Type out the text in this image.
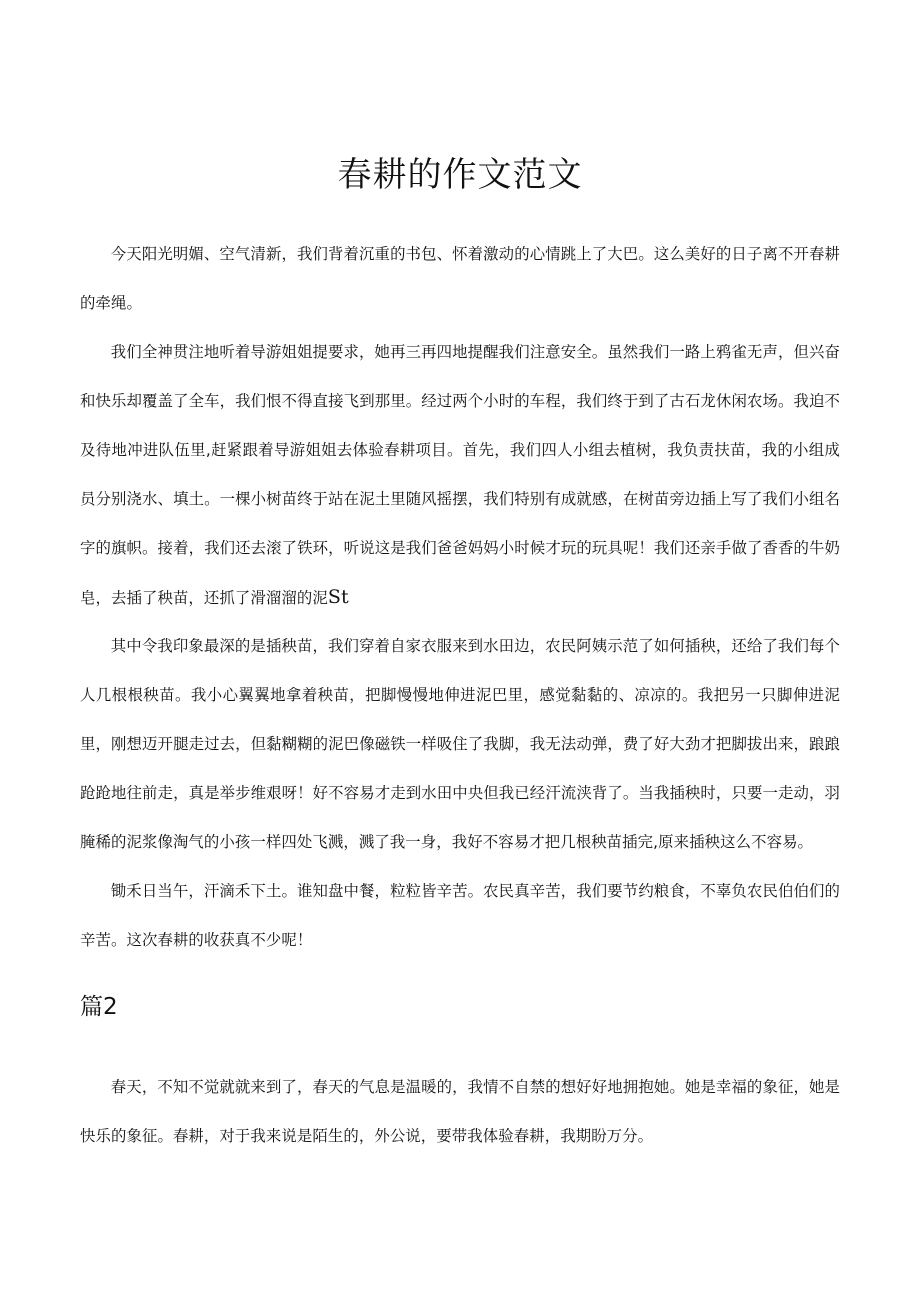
春耕的作文范文

今天阳光明媚、空气清新，我们背着沉重的书包、怀着激动的心情跳上了大巴。这么美好的日子离不开春耕的牵绳。

我们全神贯注地听着导游姐姐提要求，她再三再四地提醒我们注意安全。虽然我们一路上鸦雀无声，但兴奋和快乐却覆盖了全车，我们恨不得直接飞到那里。经过两个小时的车程，我们终于到了古石龙休闲农场。我迫不及待地冲进队伍里,赶紧跟着导游姐姐去体验春耕项目。首先，我们四人小组去植树，我负责扶苗，我的小组成员分别浇水、填土。一棵小树苗终于站在泥土里随风摇摆，我们特别有成就感，在树苗旁边插上写了我们小组名字的旗帜。接着，我们还去滚了铁环，听说这是我们爸爸妈妈小时候才玩的玩具呢！我们还亲手做了香香的牛奶皂，去插了秧苗，还抓了滑溜溜的泥St

其中令我印象最深的是插秧苗，我们穿着自家衣服来到水田边，农民阿姨示范了如何插秧，还给了我们每个人几根根秧苗。我小心翼翼地拿着秧苗，把脚慢慢地伸进泥巴里，感觉黏黏的、凉凉的。我把另一只脚伸进泥里，刚想迈开腿走过去，但黏糊糊的泥巴像磁铁一样吸住了我脚，我无法动弹，费了好大劲才把脚拔出来，踉踉跄跄地往前走，真是举步维艰呀！好不容易才走到水田中央但我已经汗流浃背了。当我插秧时，只要一走动，羽腌稀的泥浆像淘气的小孩一样四处飞溅，溅了我一身，我好不容易才把几根秧苗插完,原来插秧这么不容易。

锄禾日当午，汗滴禾下土。谁知盘中餐，粒粒皆辛苦。农民真辛苦，我们要节约粮食，不辜负农民伯伯们的辛苦。这次春耕的收获真不少呢！

春天，不知不觉就就来到了，春天的气息是温暖的，我情不自禁的想好好地拥抱她。她是幸福的象征，她是快乐的象征。春耕，对于我来说是陌生的，外公说，要带我体验春耕，我期盼万分。

篇2
